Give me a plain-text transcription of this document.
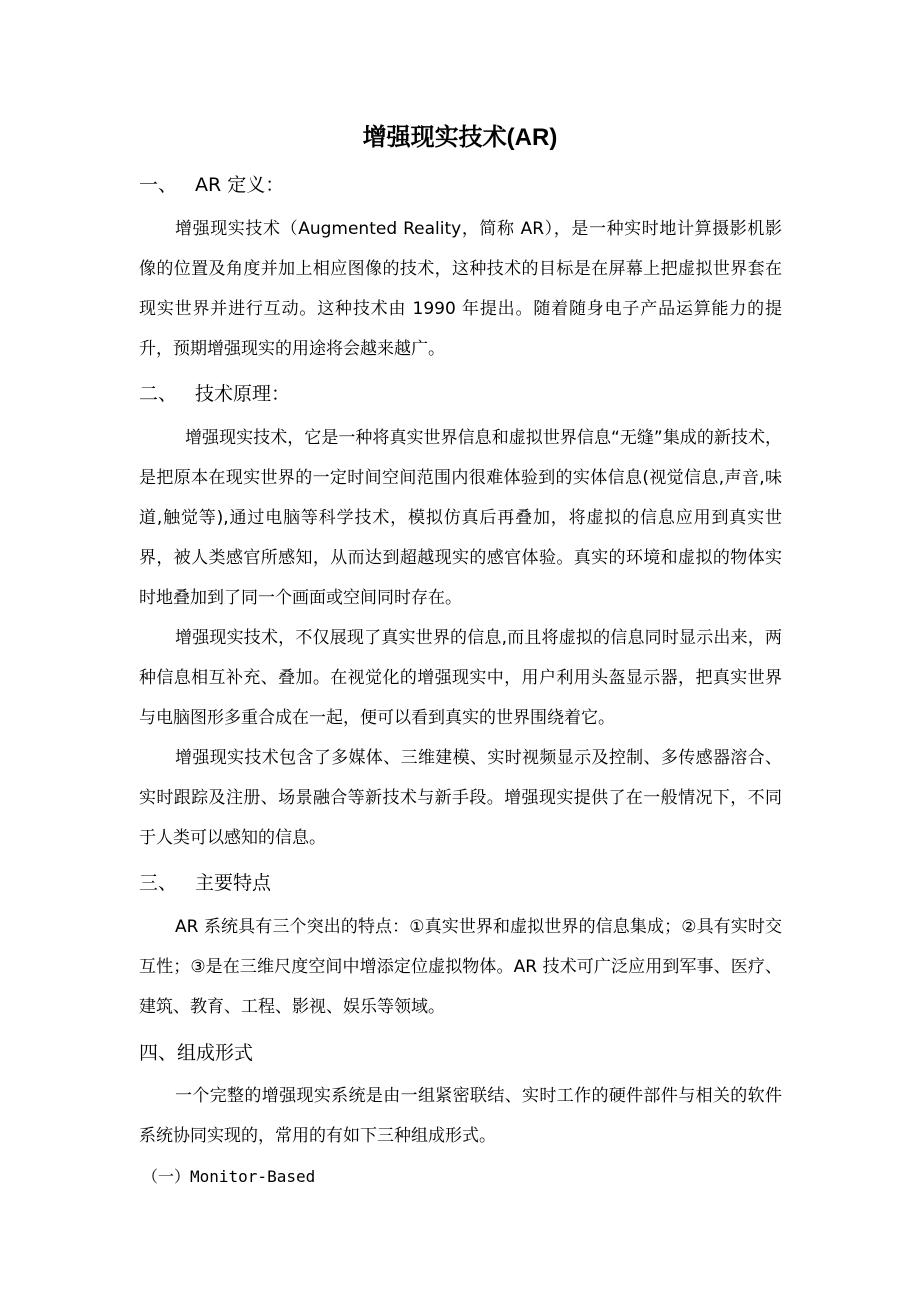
增强现实技术(AR)
一、 AR 定义：
增强现实技术（Augmented Reality，简称 AR），是一种实时地计算摄影机影像的位置及角度并加上相应图像的技术，这种技术的目标是在屏幕上把虚拟世界套在现实世界并进行互动。这种技术由 1990 年提出。随着随身电子产品运算能力的提升，预期增强现实的用途将会越来越广。
二、 技术原理：
增强现实技术，它是一种将真实世界信息和虚拟世界信息“无缝”集成的新技术，是把原本在现实世界的一定时间空间范围内很难体验到的实体信息(视觉信息,声音,味道,触觉等),通过电脑等科学技术，模拟仿真后再叠加，将虚拟的信息应用到真实世界，被人类感官所感知，从而达到超越现实的感官体验。真实的环境和虚拟的物体实时地叠加到了同一个画面或空间同时存在。
增强现实技术，不仅展现了真实世界的信息,而且将虚拟的信息同时显示出来，两种信息相互补充、叠加。在视觉化的增强现实中，用户利用头盔显示器，把真实世界与电脑图形多重合成在一起，便可以看到真实的世界围绕着它。
增强现实技术包含了多媒体、三维建模、实时视频显示及控制、多传感器溶合、实时跟踪及注册、场景融合等新技术与新手段。增强现实提供了在一般情况下，不同于人类可以感知的信息。
三、 主要特点
AR 系统具有三个突出的特点：①真实世界和虚拟世界的信息集成；②具有实时交互性；③是在三维尺度空间中增添定位虚拟物体。AR 技术可广泛应用到军事、医疗、建筑、教育、工程、影视、娱乐等领域。
四、组成形式
一个完整的增强现实系统是由一组紧密联结、实时工作的硬件部件与相关的软件系统协同实现的，常用的有如下三种组成形式。
（一）Monitor-Based
